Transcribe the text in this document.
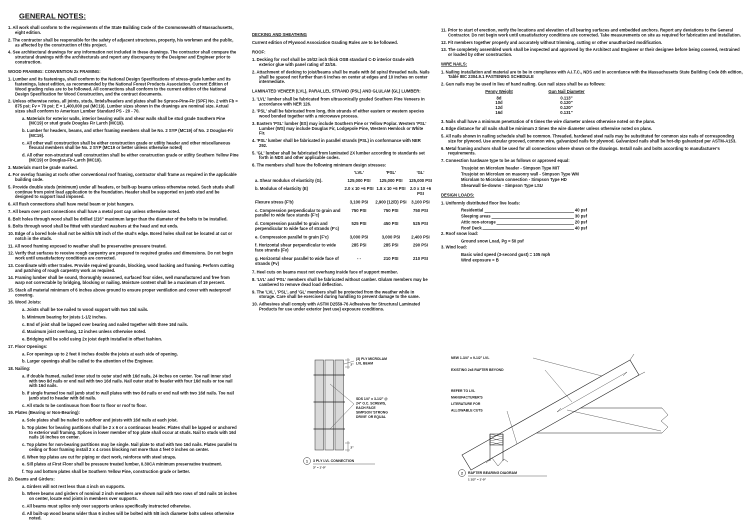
GENERAL NOTES:

1. All work shall conform to the requirements of the State Building Code of the Commonwealth of Massachusetts, eight edition.

2. The contractor shall be responsible for the safety of adjacent structures, property, his workmen and the public, as affected by the construction of this project.

4. See architectural drawings for any information not included in these drawings. The contractor shall compare the structural drawings with the architecturals and report any discrepancy to the Designer and Engineer prior to construction.

WOOD FRAMING: CONVENTION 2x FRAMING:

1. Lumber and its fastenings, shall conform to the National Design Specifications of stress-grade lumber and its fastenings, latest edition, as recommended by the National Forest Products Association. Current Edition of Wood grading rules are to be followed. All connections shall conform to the current edition of the National Design Specification for Wood Construction, and the contract documents.

2. Unless otherwise notes, all joints, studs, lintels/headers and plates shall be Spruce-Pine-Fir (SPF) No. 2 with Fb = 875 psi; Fv = 70 psi; E = 1,400,000 psi (MC19). Lumber sizes shown in the drawings are nominal size. Actual sizes shall conform to American Lumber Standard PS - 20 - 70.

a. Materials for exterior walls, interior bearing walls and shear walls shall be stud grade Southern Pine (MC19) or stud grade Douglas Fir Larch (MC19).

b. Lumber for headers, beams, and other framing members shall be No. 2 SYP (MC19) of No. 2 Douglas-Fir (MC19).

c. All other wall construction shall be either construction grade or utility header and other miscellaneous flexural members shall be No. 2 SYP (MC19 or better unless otherwise noted)

d. All other non-structural wall construction shall be either construction grade or utility Southern Yellow Pine (MC19) or Douglas-Fir-Larch (MC19).

3. Materials must be grade marked.

4. For overlay framing at roofs other conventional roof framing, contractor shall frame as required in the applicable building code.

5. Provide double studs (minimum) under all headers, or built-up beams unless otherwise noted. Such studs shall continue from point load application to the foundation. Header shall be supported on jamb stud and be designed to support load imposed.

6. All flush connections shall have metal beam or joist hangers.

7. All beam over post connections shall have a metal post cap unless otherwise noted.

8. Bolt holes through wood shall be drilled 1/16" maximum larger than the diameter of the bolts to be installed.

9. Bolts through wood shall be fitted with standard washers at the head and nut ends.

10. Edge of a bored hole shall not be within 5/8 inch of the stud's edge. Bored holes shall not be located at cut or notch in the studs.

11. All wood framing exposed to weather shall be preservative pressure treated.

12. Verify that surfaces to receive rough carpentry are prepared to required grades and dimensions. Do not begin work until unsatisfactory conditions are corrected.

13. Coordinate with other trades. Provide required grounds, blocking, wood backing and framing. Perform cutting and patching of rough carpentry work as required.

14. Framing lumber shall be sound, thoroughly seasoned, surfaced four sides, well manufactured and free from warp not correctable by bridging, blocking or nailing. Moisture content shall be a maximum of 19 percent.

15. Stack all material minimum of 6 inches above ground to ensure proper ventilation and cover with waterproof covering.

16. Wood Joists:

a. Joists shall be toe nailed to wood support with two 10d nails.

b. Minimum bearing for joists 1-1/2 inches.

c. End of joist shall be lapped over bearing and nailed together with three 16d nails.

d. Maximum joist overhang, 12 inches unless otherwise noted.

e. Bridging will be solid using 2x joist depth installed in offset fashion.

17. Floor Openings:

a. For openings up to 2 feet 0 inches double the joists at each side of opening.

b. Larger openings shall be called to the attention of the Engineer.

18. Nailing:

a. If double framed, nailed inner stud to outer stud with 16d nails, 24 inches on center. Toe nail inner stud with two 8d nails or end nail with two 16d nails. Nail outer stud to header with four 16d nails or toe nail with 16d nails.

b. If single framed toe nail jamb stud to wall plates with two 8d nails or end nail with two 16d nails. Toe nail jamb stud to header with 8d nails.

c. All studs to be continuous from floor to floor or roof to floor.

19. Plates (Bearing or Non-Bearing):

a. Sole plates shall be nailed to subfloor and joists with 16d nails at each joist.

b. Top plates for bearing partitions shall be 2 x 6 or a continuous header. Plates shall be lapped or anchored to exterior wall framing. Splices in lower member of top plate shall occur at studs. Nail to studs with 16d nails 16 inches on center.

c. Top plates for non-bearing partitions may be single. Nail plate to stud with two 16d nails. Plates parallel to ceiling or floor framing install 2 x 4 cross blocking not more than 4 feet 0 inches on center.

d. When top plates are cut for piping or duct work, reinforce with steel straps.

e. Sill plates at First Floor shall be pressure treated lumber, 0.30CA minimum preservative treatment.

f. Top and bottom plates shall be Southern Yellow Pine, construction grade or better.

20. Beams and Girders:

a. Girders will not rest less than 4 inch on supports.

b. Where beams and girders of nominal 2 inch members are shown nail with two rows of 16d nails 16 inches on center, locate end joints in members over supports.

c. All beams must splice only over supports unless specifically instructed otherwise.

d. All built-up wood beams wider than 6 inches will be bolted with 5/8 inch diameter bolts unless otherwise noted.

DECKING AND SHEATHING

Current edition of Plywood Association Grading Rules are to be followed.

ROOF:

1. Decking for roof shall be 19/32 inch thick OSB standard C-D interior Grade with exterior glue with panel rating of 32/16.

2. Attachment of decking to joist/beams shall be made with 8d spiral threaded nails. Nails shall be spaced not further than 6 inches on center at edges and 10 inches on center intermediate.

LAMINATED VENEER (LVL), PARALLEL STRAND (PSL) AND GLULAM (GL) LUMBER:

1. 'LVL' lumber shall be fabricated from ultrasonically graded Southern Pine Veneers in accordance with NER 126.

2. 'PSL' shall be fabricated from long, thin strands of either eastern or western species wood bonded together with a microwave process.

3. Eastern 'PSL' lumber (ES) may include Southern Pine or Yellow Poplar. Western 'PSL' Lumber (WS) may include Douglas Fir, Lodgepole Pine, Western Hemlock or White Fir.

4. 'PSL' lumber shall be fabricated in parallel strands (PSL) in conformance with NER 292.

5. 'GL' lumber shall be fabricated from laminated 2X lumber according to standards set forth in NDS and other applicable codes.

6. The members shall have the following minimum design stresses:

'LVL'	'PSL'	'GL'
a. Shear modulus of elasticity (G).	125,000 PSI	125,000 PSI 125,000 PSI
b. Modulus of elasticity (E)	2.0 x 10 +6 PSI 1.8 x 10 +6 PSI 2.0 x 10 +6 PSI
Flexure stress (F'b)	3,100 PSI 2,900 (12/D) PSI 3,100 PSI
c. Compression perpendicular to grain and parallel to wide face stands (F'c)
750 PSI	750 PSI	750 PSI
d. Compression parallel to grain and perpendicular to wide face of strands (F'c)
525 PSI	450 PSI	525 PSI
e. Compression parallel to grain (F'c)	3,000 PSI	3,000 PSI	2,400 PSI
f. Horizontal shear perpendicular to wide face strands (Fv)
285 PSI	285 PSI	290 PSI
g. Horizontal shear parallel to wide face of strands (Fv)
- -	210 PSI	210 PSI

7. Heel cuts on beams must not overhang inside face of support member.

8. 'LVL' and 'PSL' members shall be fabricated without camber. Glulam members may be cambered to remove dead load deflection.

9. The 'LVL', 'PSL', and 'GL' members shall be protected from the weather while in storage. Care shall be exercised during handling to prevent damage to the same.

10. Adhesives shall comply with ASTM D2559-76 Adhesives for Structural Laminated Products for use under exterior (wet use) exposure conditions.

11. Prior to start of erection, verify the locations and elevation of all bearing surfaces and embedded anchors. Report any deviations to the General Contractor. Do not begin work until unsatisfactory conditions are corrected. Take measurements on site as required for fabrication and installation.

12. Fit members together properly and accurately without trimming, cutting or other unauthorized modification.

13. The completely assembled work shall be inspected and approved by the Architect and Engineer or their designee before being covered, restrained or loaded by other construction.

WIRE NAILS:

1. Nailing installation and material are to be in compliance with A.I.T.C., NDS and in accordance with the Massachusetts State Building Code 8th edition, Table IBC 2304.9.1 FASTENING SCHEDULE

2. Gun nails may be used in lieu of hand nailing. Gun nail sizes shall be as follows:

Penny Weight	Gun Nail Diameter
8d	0.113"
10d	0.120"
12d	0.120"
16d	0.131"

3. Nails shall have a minimum penetration of 6 times the wire diameter unless otherwise noted on the plans.

4. Edge distance for all nails shall be minimum 2 times the wire diameter unless otherwise noted on plans.

5. All nails shown in nailing schedule shall be common. Threaded, hardened steel nails may be substituted for common size nails of corresponding size for plywood. Use annular grooved, common wire, galvanized nails for plywood. Galvanized nails shall be hot-dip galvanized per ASTM-A153.

6. Metal framing anchors shall be used for all connections where shown on the drawings. Install nails and bolts according to manufacturer's requirements.

7. Connection hardware type to be as follows or approved equal:

Trusjoist on Microlam header - Simpson Type MIT

Trusjoist on Microlam on masonry wall - Simpson Type WM

Microlam to Microlam connection - Simpson Type HD

Shearwall tie-downs - Simpson Type LSU

DESIGN LOADS:

1. Uniformly distributed floor live loads:

Residential	40 psf
Sleeping areas	30 psf
Attic non-storage	20 psf
Roof Deck	40 psf

2. Roof snow load:

Ground snow Load, Pg = 50 psf

3. Wind load:

Basic wind speed (3-second gust) = 105 mph

Wind exposure = B

2"
2"
(3) PLY MICROLAM
LVL BEAM
SDS 1/4" x 3-1/2" @
24" O.C. SCREWS,
EACH FACE
SIMPSON 'STRONG
DRIVE' OR EQUAL
1 3 PLY LVL CONNECTION
3" = 1'-0"
NEW 1-3/4" x 9-1/2" LVL
EXISTING 2x8 RAFTER BEYOND
REFER TO LVL
MANUFACTURER'S
LITERATURE FOR
ALLOWABLE CUTS
2 RAFTER BEARING DIAGRAM
1 1/2" = 1'-0"
